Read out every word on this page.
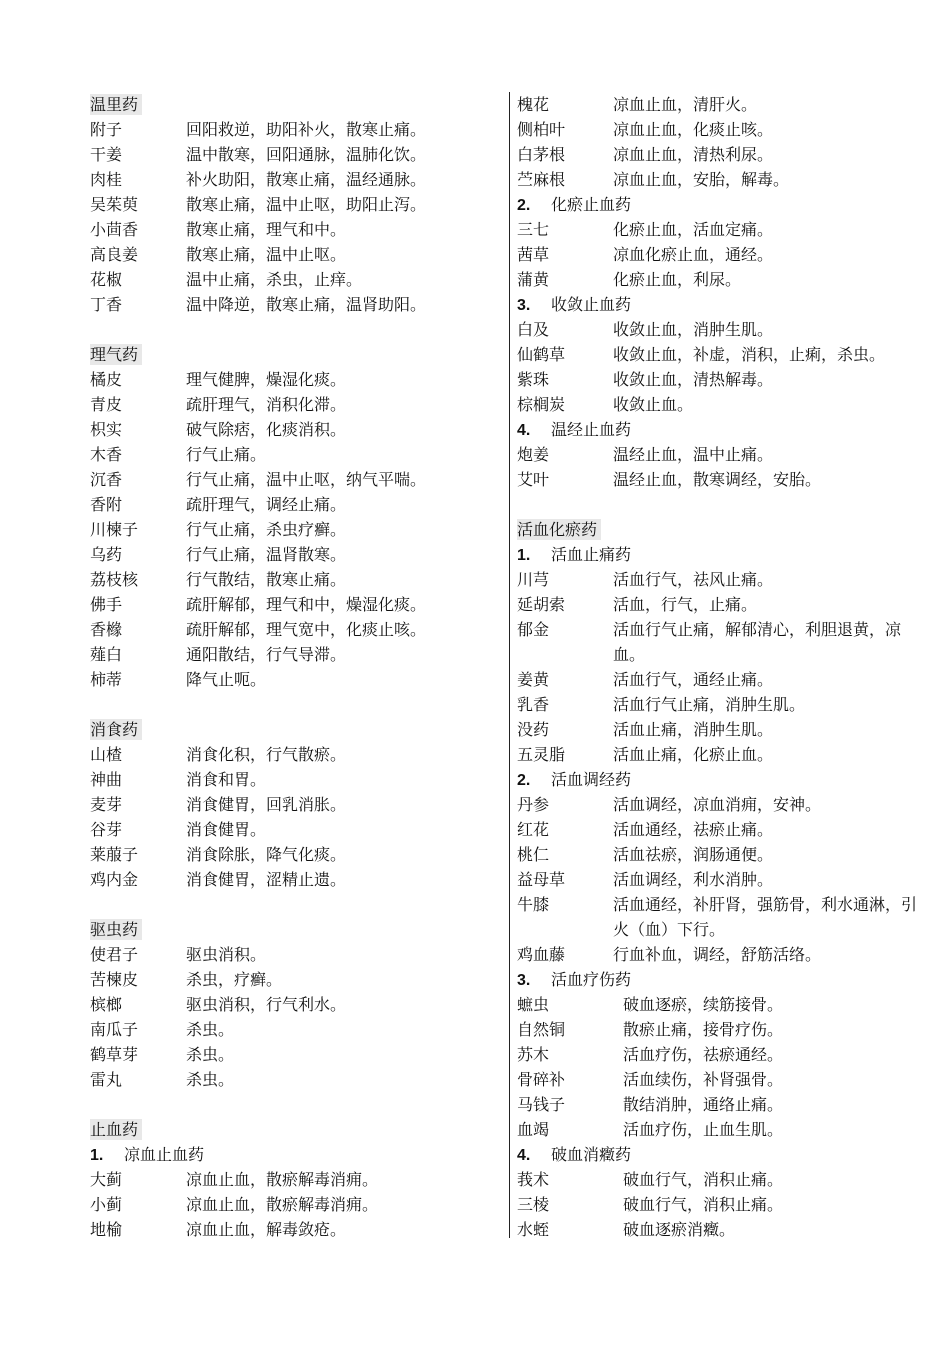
温里药
附子	回阳救逆，助阳补火，散寒止痛。
干姜	温中散寒，回阳通脉，温肺化饮。
肉桂	补火助阳，散寒止痛，温经通脉。
吴茱萸	散寒止痛，温中止呕，助阳止泻。
小茴香	散寒止痛，理气和中。
高良姜	散寒止痛，温中止呕。
花椒	温中止痛，杀虫，止痒。
丁香	温中降逆，散寒止痛，温肾助阳。
理气药
橘皮	理气健脾，燥湿化痰。
青皮	疏肝理气，消积化滞。
枳实	破气除痞，化痰消积。
木香	行气止痛。
沉香	行气止痛，温中止呕，纳气平喘。
香附	疏肝理气，调经止痛。
川楝子	行气止痛，杀虫疗癣。
乌药	行气止痛，温肾散寒。
荔枝核	行气散结，散寒止痛。
佛手	疏肝解郁，理气和中，燥湿化痰。
香橼	疏肝解郁，理气宽中，化痰止咳。
薤白	通阳散结，行气导滞。
柿蒂	降气止呃。
消食药
山楂	消食化积，行气散瘀。
神曲	消食和胃。
麦芽	消食健胃，回乳消胀。
谷芽	消食健胃。
莱菔子	消食除胀，降气化痰。
鸡内金	消食健胃，涩精止遗。
驱虫药
使君子	驱虫消积。
苦楝皮	杀虫，疗癣。
槟榔	驱虫消积，行气利水。
南瓜子	杀虫。
鹤草芽	杀虫。
雷丸	杀虫。
止血药
1. 凉血止血药
大蓟	凉血止血，散瘀解毒消痈。
小蓟	凉血止血，散瘀解毒消痈。
地榆	凉血止血，解毒敛疮。
槐花	凉血止血，清肝火。
侧柏叶	凉血止血，化痰止咳。
白茅根	凉血止血，清热利尿。
苎麻根	凉血止血，安胎，解毒。
2. 化瘀止血药
三七	化瘀止血，活血定痛。
茜草	凉血化瘀止血，通经。
蒲黄	化瘀止血，利尿。
3. 收敛止血药
白及	收敛止血，消肿生肌。
仙鹤草	收敛止血，补虚，消积，止痢，杀虫。
紫珠	收敛止血，清热解毒。
棕榈炭	收敛止血。
4. 温经止血药
炮姜	温经止血，温中止痛。
艾叶	温经止血，散寒调经，安胎。
活血化瘀药
1. 活血止痛药
川芎	活血行气，祛风止痛。
延胡索	活血，行气，止痛。
郁金	活血行气止痛，解郁清心，利胆退黄，凉血。
姜黄	活血行气，通经止痛。
乳香	活血行气止痛，消肿生肌。
没药	活血止痛，消肿生肌。
五灵脂	活血止痛，化瘀止血。
2. 活血调经药
丹参	活血调经，凉血消痈，安神。
红花	活血通经，祛瘀止痛。
桃仁	活血祛瘀，润肠通便。
益母草	活血调经，利水消肿。
牛膝	活血通经，补肝肾，强筋骨，利水通淋，引火（血）下行。
鸡血藤	行血补血，调经，舒筋活络。
3. 活血疗伤药
蟅虫	破血逐瘀，续筋接骨。
自然铜	散瘀止痛，接骨疗伤。
苏木	活血疗伤，祛瘀通经。
骨碎补	活血续伤，补肾强骨。
马钱子	散结消肿，通络止痛。
血竭	活血疗伤，止血生肌。
4. 破血消癥药
莪术	破血行气，消积止痛。
三棱	破血行气，消积止痛。
水蛭	破血逐瘀消癥。
